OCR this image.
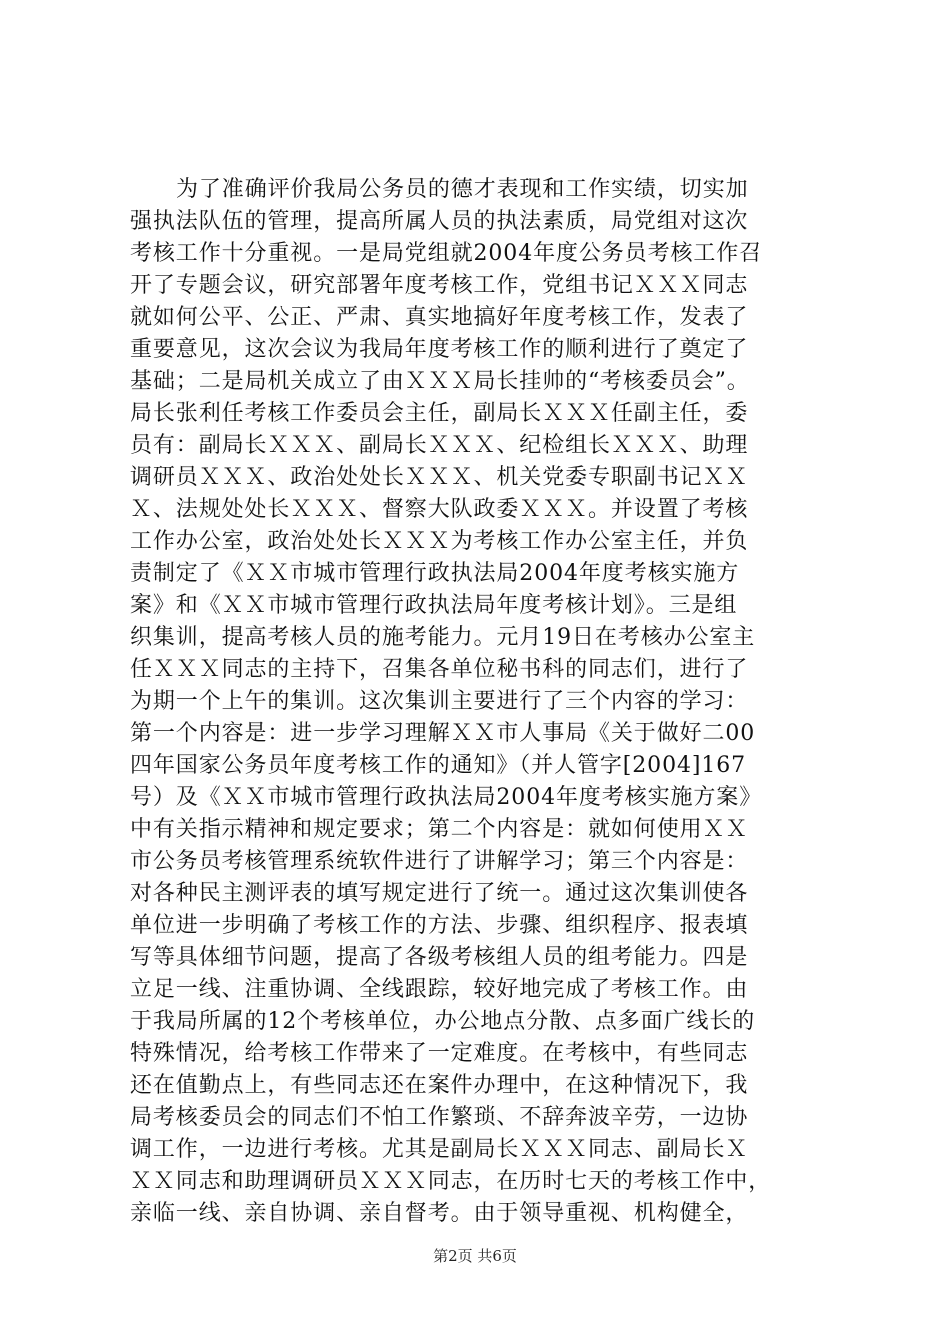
为了准确评价我局公务员的德才表现和工作实绩，切实加
强执法队伍的管理，提高所属人员的执法素质，局党组对这次
考核工作十分重视。一是局党组就2004年度公务员考核工作召
开了专题会议，研究部署年度考核工作，党组书记ＸＸＸ同志
就如何公平、公正、严肃、真实地搞好年度考核工作，发表了
重要意见，这次会议为我局年度考核工作的顺利进行了奠定了
基础；二是局机关成立了由ＸＸＸ局长挂帅的“考核委员会”。
局长张利任考核工作委员会主任，副局长ＸＸＸ任副主任，委
员有：副局长ＸＸＸ、副局长ＸＸＸ、纪检组长ＸＸＸ、助理
调研员ＸＸＸ、政治处处长ＸＸＸ、机关党委专职副书记ＸＸ
Ｘ、法规处处长ＸＸＸ、督察大队政委ＸＸＸ。并设置了考核
工作办公室，政治处处长ＸＸＸ为考核工作办公室主任，并负
责制定了《ＸＸ市城市管理行政执法局2004年度考核实施方
案》和《ＸＸ市城市管理行政执法局年度考核计划》。三是组
织集训，提高考核人员的施考能力。元月19日在考核办公室主
任ＸＸＸ同志的主持下，召集各单位秘书科的同志们，进行了
为期一个上午的集训。这次集训主要进行了三个内容的学习：
第一个内容是：进一步学习理解ＸＸ市人事局《关于做好二00
四年国家公务员年度考核工作的通知》（并人管字[2004]167
号）及《ＸＸ市城市管理行政执法局2004年度考核实施方案》
中有关指示精神和规定要求；第二个内容是：就如何使用ＸＸ
市公务员考核管理系统软件进行了讲解学习；第三个内容是：
对各种民主测评表的填写规定进行了统一。通过这次集训使各
单位进一步明确了考核工作的方法、步骤、组织程序、报表填
写等具体细节问题，提高了各级考核组人员的组考能力。四是
立足一线、注重协调、全线跟踪，较好地完成了考核工作。由
于我局所属的12个考核单位，办公地点分散、点多面广线长的
特殊情况，给考核工作带来了一定难度。在考核中，有些同志
还在值勤点上，有些同志还在案件办理中，在这种情况下，我
局考核委员会的同志们不怕工作繁琐、不辞奔波辛劳，一边协
调工作，一边进行考核。尤其是副局长ＸＸＸ同志、副局长Ｘ
ＸＸ同志和助理调研员ＸＸＸ同志，在历时七天的考核工作中，
亲临一线、亲自协调、亲自督考。由于领导重视、机构健全，
第2页 共6页
